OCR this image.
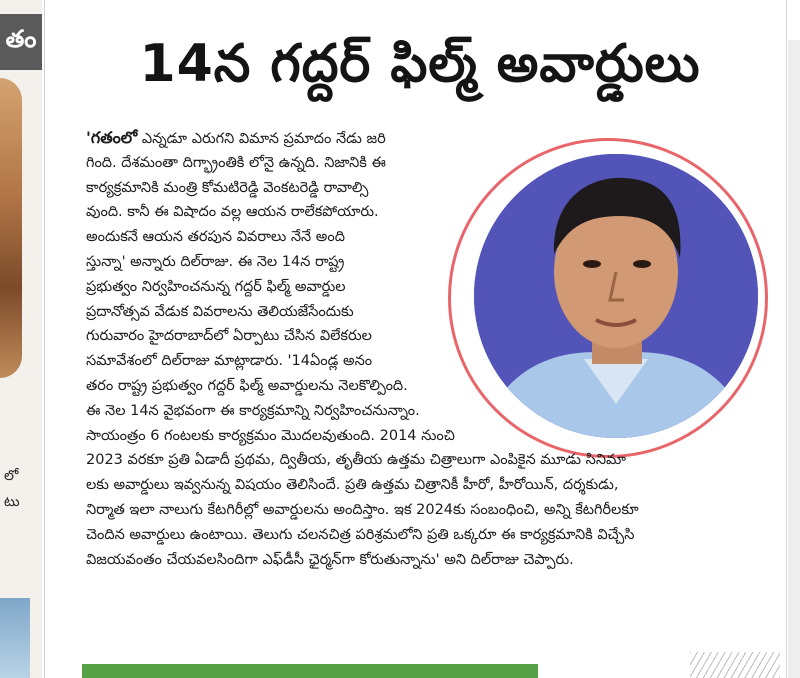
తం
లో
టు
14న గద్దర్ ఫిల్మ్ అవార్డులు
'గతంలో ఎన్నడూ ఎరుగని విమాన ప్రమాదం నేడు జరి
గింది. దేశమంతా దిగ్భ్రాంతికి లోనై ఉన్నది. నిజానికి ఈ
కార్యక్రమానికి మంత్రి కోమటిరెడ్డి వెంకటరెడ్డి రావాల్సి
వుంది. కానీ ఈ విషాదం వల్ల ఆయన రాలేకపోయారు.
అందుకనే ఆయన తరపున వివరాలు నేనే అంది
స్తున్నా' అన్నారు దిల్‌రాజు. ఈ నెల 14న రాష్ట్ర
ప్రభుత్వం నిర్వహించనున్న గద్దర్ ఫిల్మ్ అవార్డుల
ప్రదానోత్సవ వేడుక వివరాలను తెలియజేసేందుకు
గురువారం హైదరాబాద్‌లో ఏర్పాటు చేసిన విలేకరుల
సమావేశంలో దిల్‌రాజు మాట్లాడారు. '14ఏండ్ల అనం
తరం రాష్ట్ర ప్రభుత్వం గద్దర్ ఫిల్మ్ అవార్డులను నెలకొల్పింది.
ఈ నెల 14న వైభవంగా ఈ కార్యక్రమాన్ని నిర్వహించనున్నాం.
సాయంత్రం 6 గంటలకు కార్యక్రమం మొదలవుతుంది. 2014 నుంచి
2023 వరకూ ప్రతి ఏడాదీ ప్రథమ, ద్వితీయ, తృతీయ ఉత్తమ చిత్రాలుగా ఎంపికైన మూడు సినిమా
లకు అవార్డులు ఇవ్వనున్న విషయం తెలిసిందే. ప్రతి ఉత్తమ చిత్రానికీ హీరో, హీరోయిన్, దర్శకుడు,
నిర్మాత ఇలా నాలుగు కేటగిరీల్లో అవార్డులను అందిస్తాం. ఇక 2024కు సంబంధించి, అన్ని కేటగిరీలకూ
చెందిన అవార్డులు ఉంటాయి. తెలుగు చలనచిత్ర పరిశ్రమలోని ప్రతి ఒక్కరూ ఈ కార్యక్రమానికి విచ్చేసి
విజయవంతం చేయవలసిందిగా ఎఫ్‌డీసీ ఛైర్మన్‌గా కోరుతున్నాను' అని దిల్‌రాజు చెప్పారు.
